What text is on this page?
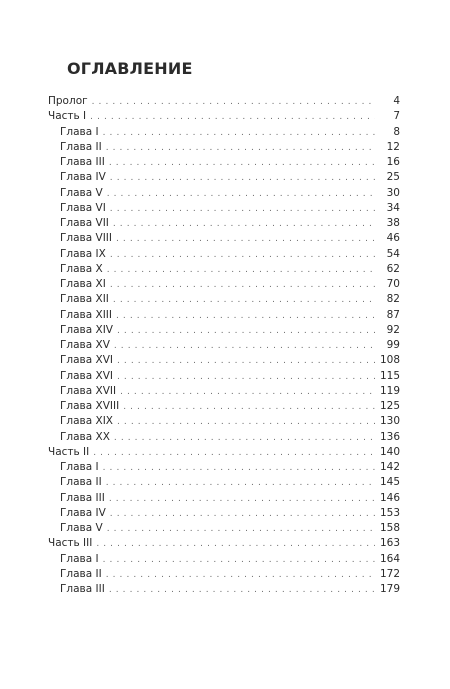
ОГЛАВЛЕНИЕ
Пролог . . .	4
Часть I . . .	7
Глава I . . .	8
Глава II . . .	12
Глава III . . .	16
Глава IV . . .	25
Глава V . . .	30
Глава VI . . .	34
Глава VII . . .	38
Глава VIII . . .	46
Глава IX . . .	54
Глава X . . .	62
Глава XI . . .	70
Глава XII . . .	82
Глава XIII . . .	87
Глава XIV . . .	92
Глава XV . . .	99
Глава XVI . . .	108
Глава XVI . . .	115
Глава XVII . . .	119
Глава XVIII . . .	125
Глава XIX . . .	130
Глава XX . . .	136
Часть II . . .	140
Глава I . . .	142
Глава II . . .	145
Глава III . . .	146
Глава IV . . .	153
Глава V . . .	158
Часть III . . .	163
Глава I . . .	164
Глава II . . .	172
Глава III . . .	179
